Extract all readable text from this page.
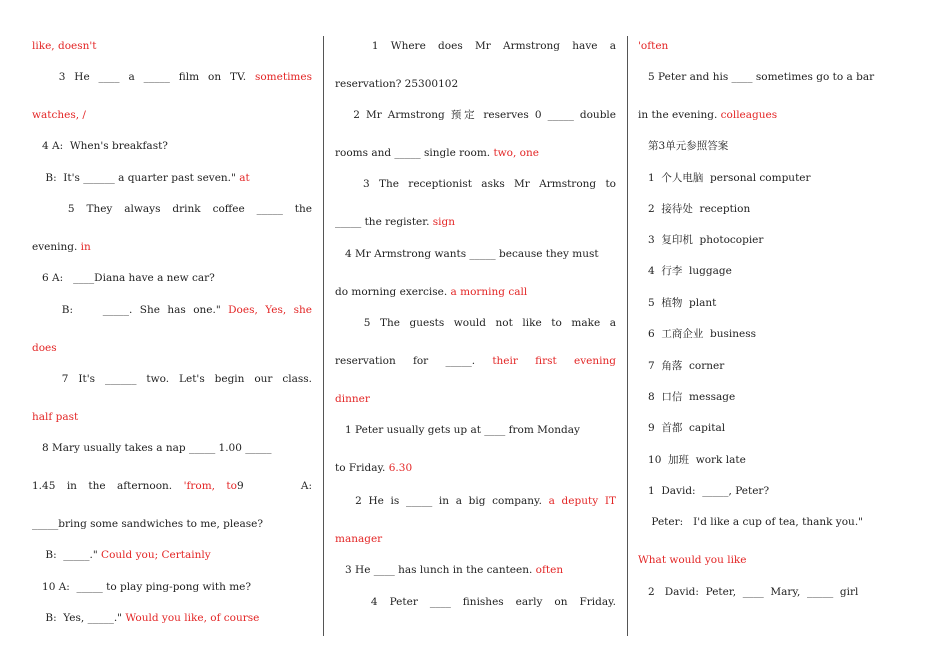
like, doesn't
3 He ____ a _____ film on TV. sometimes
watches, /
4 A:  When's breakfast?
B:  It's ______ a quarter past seven." at
5 They always drink coffee _____ the
evening. in
6 A:   ____Diana have a new car?
B:    _____. She has one." Does, Yes, she
does
7 It's ______ two. Let's begin our class.
half past
8 Mary usually takes a nap _____ 1.00 _____
1.45 in the afternoon. 'from, to9     A:
_____bring some sandwiches to me, please?
B:  _____." Could you; Certainly
10 A:  _____ to play ping-pong with me?
B:  Yes, _____." Would you like, of course
1 Where does Mr Armstrong have a
reservation? 25300102
2 Mr Armstrong 预定 reserves 0 _____ double
rooms and _____ single room. two, one
3 The receptionist asks Mr Armstrong to
_____ the register. sign
4 Mr Armstrong wants _____ because they must
do morning exercise. a morning call
5 The guests would not like to make a
reservation for _____. their first evening
dinner
1 Peter usually gets up at ____ from Monday
to Friday. 6.30
2 He is _____ in a big company. a deputy IT
manager
3 He ____ has lunch in the canteen. often
4 Peter ____ finishes early on Friday.
'often
5 Peter and his ____ sometimes go to a bar
in the evening. colleagues
第3单元参照答案
1  个人电脑  personal computer
2  接待处  reception
3  复印机  photocopier
4  行李  luggage
5  植物  plant
6  工商企业  business
7  角落  corner
8  口信  message
9  首都  capital
10  加班  work late
1  David:  _____, Peter?
Peter:   I'd like a cup of tea, thank you."
What would you like
2   David:  Peter,  ____  Mary,  _____  girl
